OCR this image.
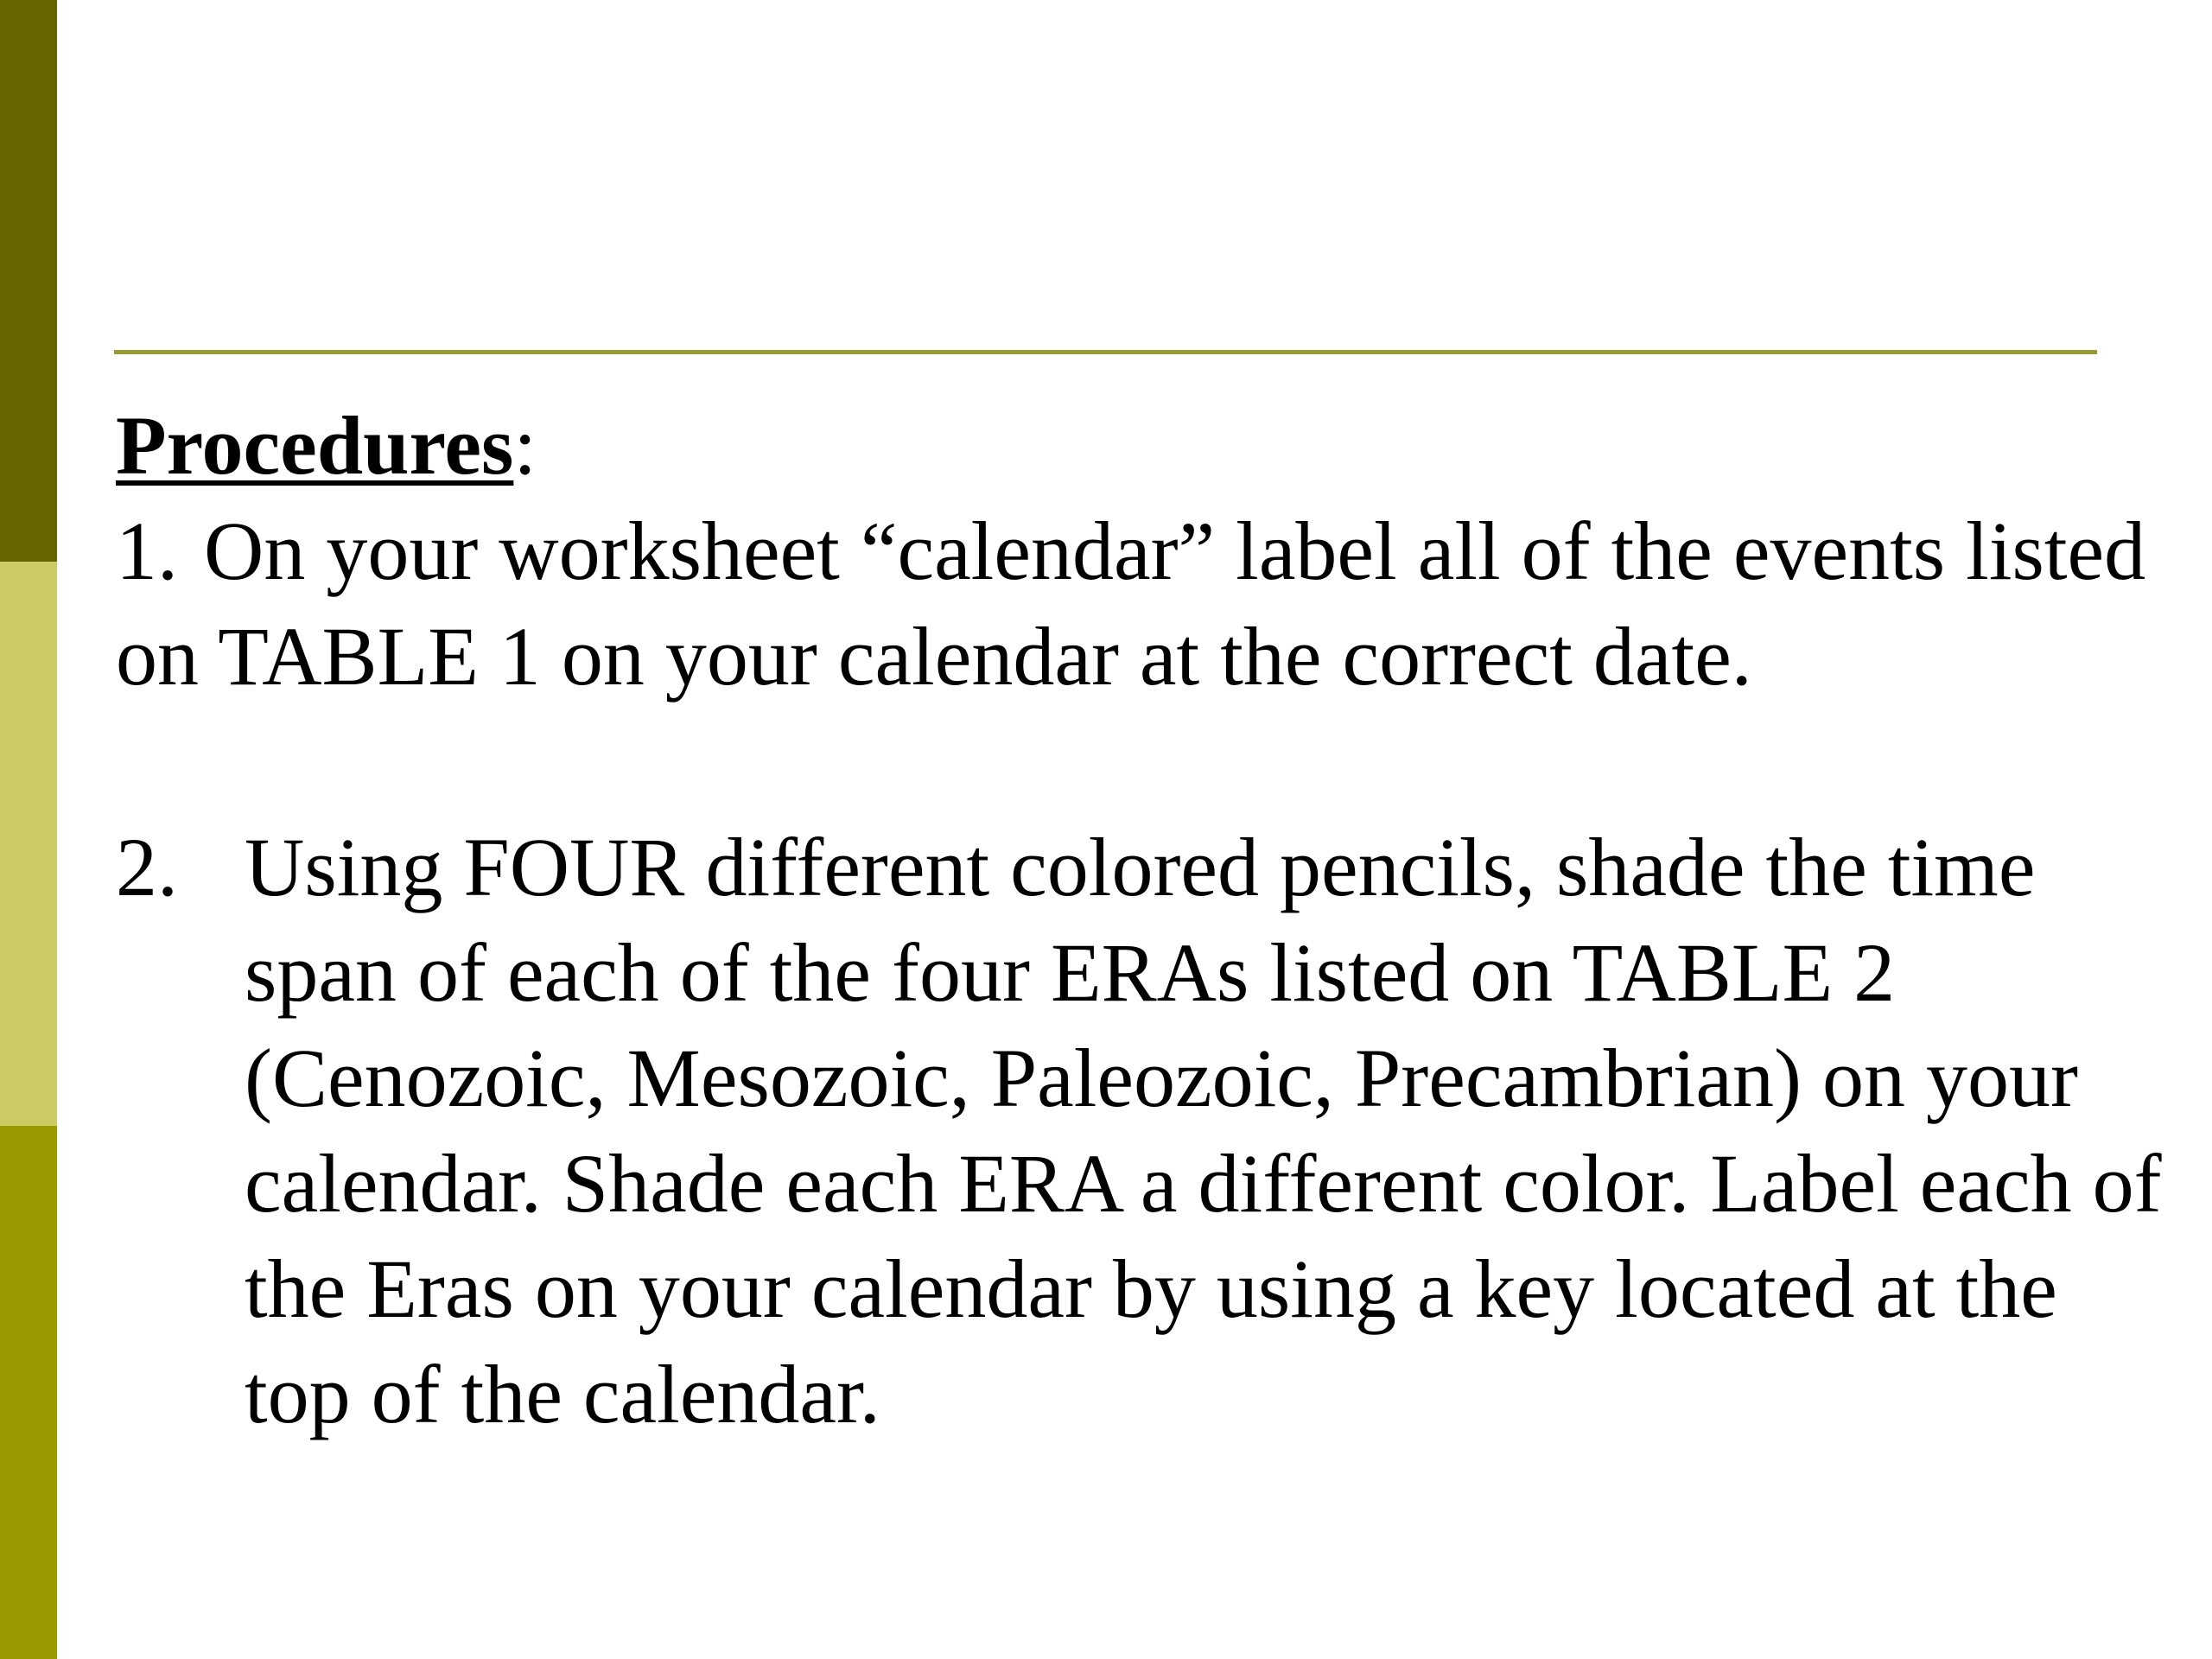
Procedures:

1. On your worksheet “calendar” label all of the events listed on TABLE 1 on your calendar at the correct date.

2. Using FOUR different colored pencils, shade the time span of each of the four ERAs listed on TABLE 2 (Cenozoic, Mesozoic, Paleozoic, Precambrian) on your calendar. Shade each ERA a different color. Label each of the Eras on your calendar by using a key located at the top of the calendar.
